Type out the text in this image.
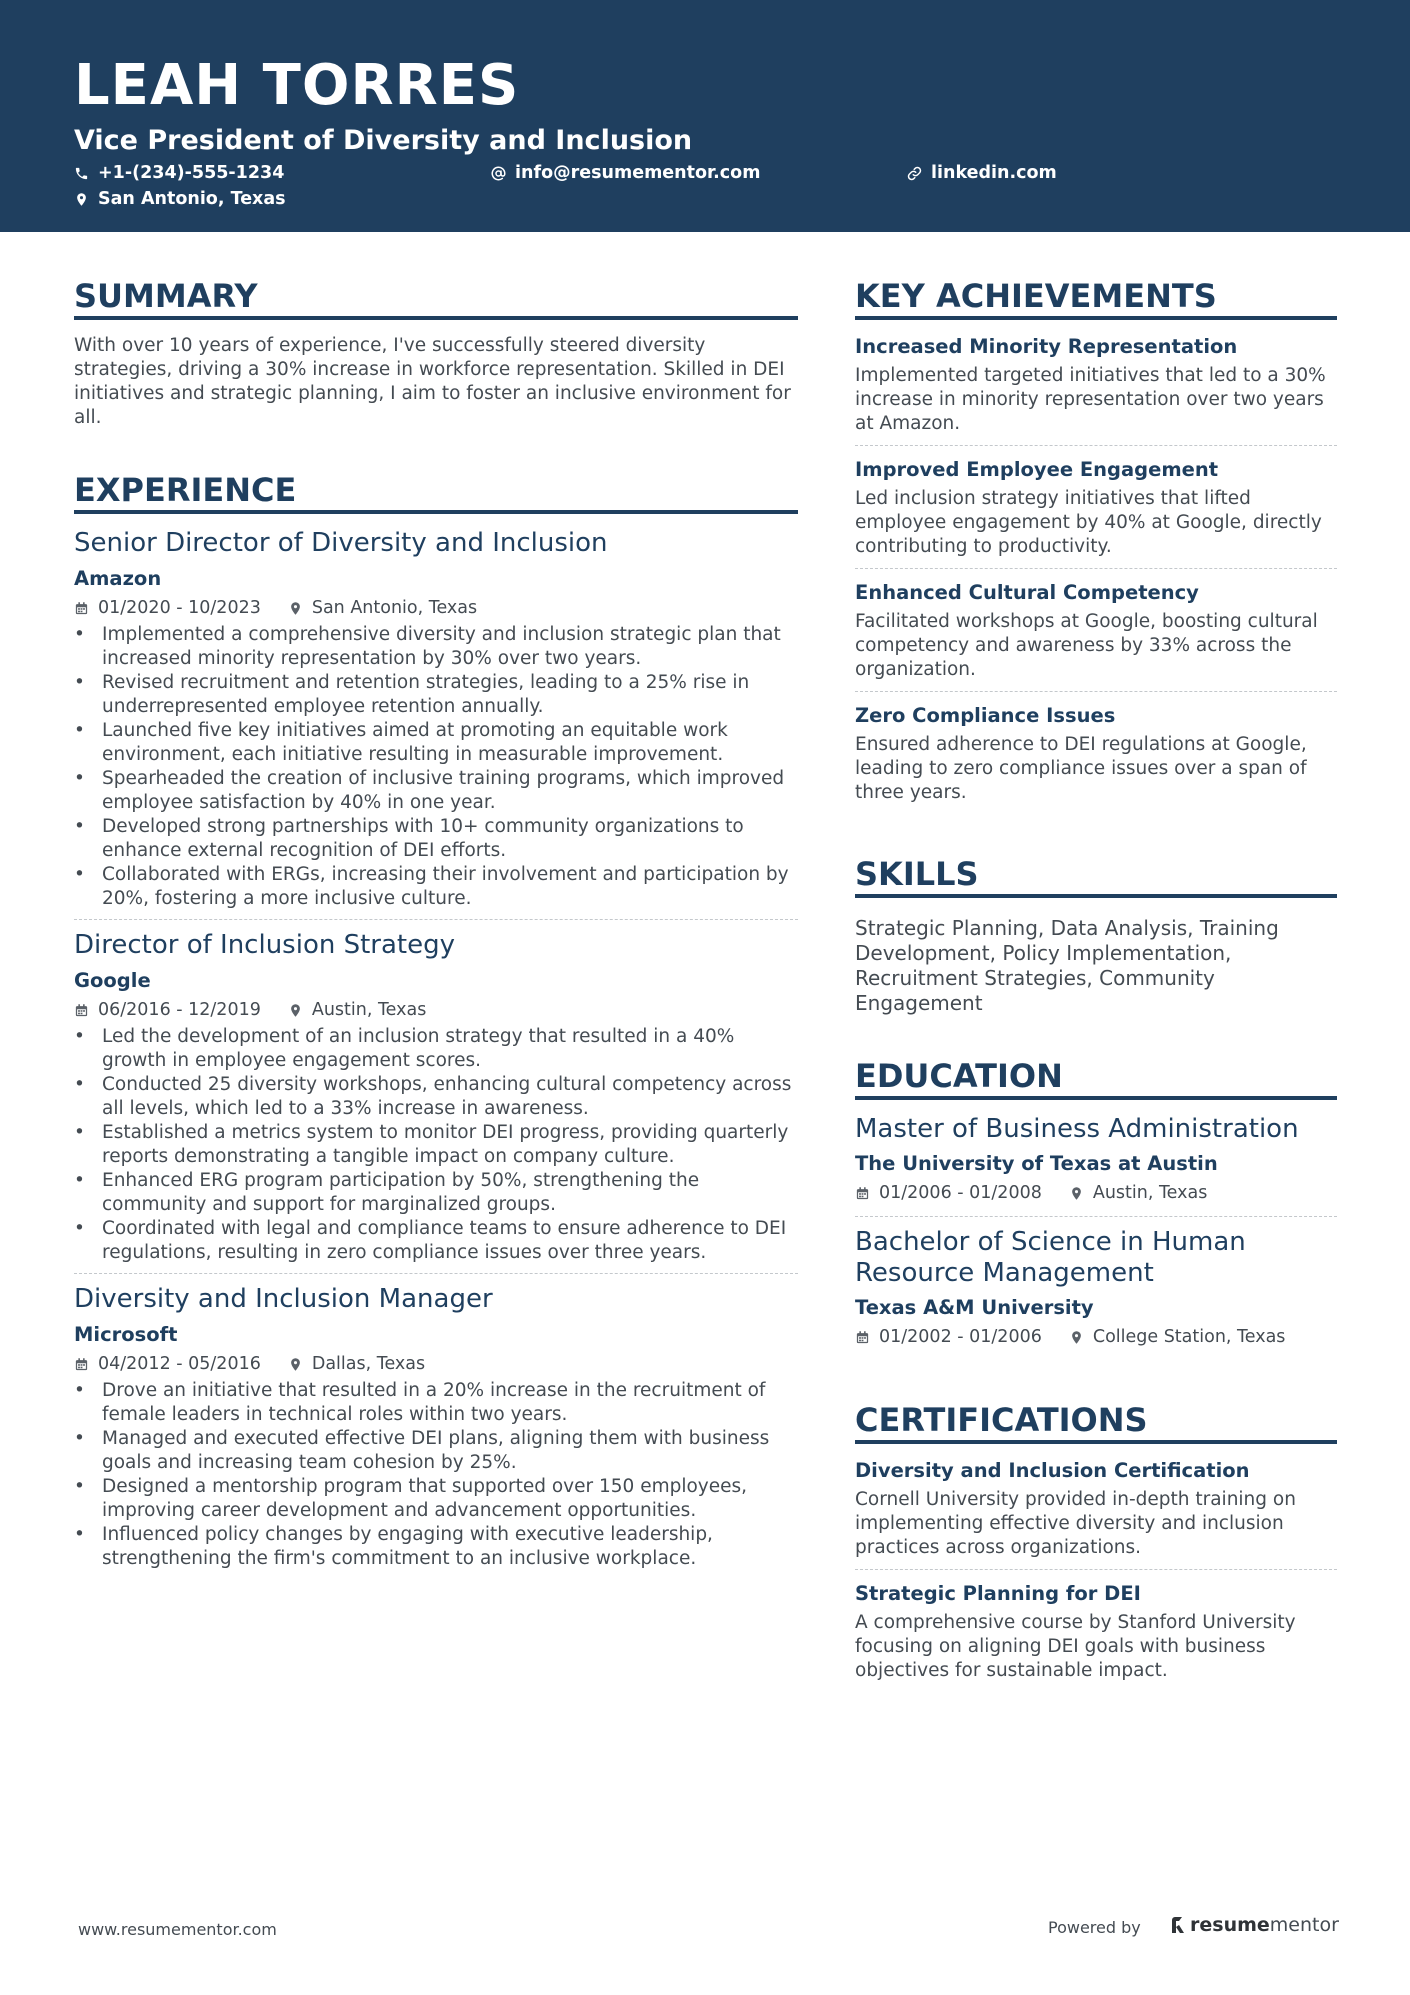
LEAH TORRES
Vice President of Diversity and Inclusion
+1-(234)-555-1234	info@resumementor.com	linkedin.com
San Antonio, Texas
SUMMARY
With over 10 years of experience, I've successfully steered diversity strategies, driving a 30% increase in workforce representation. Skilled in DEI initiatives and strategic planning, I aim to foster an inclusive environment for all.
EXPERIENCE
Senior Director of Diversity and Inclusion
Amazon
01/2020 - 10/2023	San Antonio, Texas
• Implemented a comprehensive diversity and inclusion strategic plan that increased minority representation by 30% over two years.
• Revised recruitment and retention strategies, leading to a 25% rise in underrepresented employee retention annually.
• Launched five key initiatives aimed at promoting an equitable work environment, each initiative resulting in measurable improvement.
• Spearheaded the creation of inclusive training programs, which improved employee satisfaction by 40% in one year.
• Developed strong partnerships with 10+ community organizations to enhance external recognition of DEI efforts.
• Collaborated with ERGs, increasing their involvement and participation by 20%, fostering a more inclusive culture.
Director of Inclusion Strategy
Google
06/2016 - 12/2019	Austin, Texas
• Led the development of an inclusion strategy that resulted in a 40% growth in employee engagement scores.
• Conducted 25 diversity workshops, enhancing cultural competency across all levels, which led to a 33% increase in awareness.
• Established a metrics system to monitor DEI progress, providing quarterly reports demonstrating a tangible impact on company culture.
• Enhanced ERG program participation by 50%, strengthening the community and support for marginalized groups.
• Coordinated with legal and compliance teams to ensure adherence to DEI regulations, resulting in zero compliance issues over three years.
Diversity and Inclusion Manager
Microsoft
04/2012 - 05/2016	Dallas, Texas
• Drove an initiative that resulted in a 20% increase in the recruitment of female leaders in technical roles within two years.
• Managed and executed effective DEI plans, aligning them with business goals and increasing team cohesion by 25%.
• Designed a mentorship program that supported over 150 employees, improving career development and advancement opportunities.
• Influenced policy changes by engaging with executive leadership, strengthening the firm's commitment to an inclusive workplace.
KEY ACHIEVEMENTS
Increased Minority Representation
Implemented targeted initiatives that led to a 30% increase in minority representation over two years at Amazon.
Improved Employee Engagement
Led inclusion strategy initiatives that lifted employee engagement by 40% at Google, directly contributing to productivity.
Enhanced Cultural Competency
Facilitated workshops at Google, boosting cultural competency and awareness by 33% across the organization.
Zero Compliance Issues
Ensured adherence to DEI regulations at Google, leading to zero compliance issues over a span of three years.
SKILLS
Strategic Planning, Data Analysis, Training Development, Policy Implementation, Recruitment Strategies, Community Engagement
EDUCATION
Master of Business Administration
The University of Texas at Austin
01/2006 - 01/2008	Austin, Texas
Bachelor of Science in Human Resource Management
Texas A&M University
01/2002 - 01/2006	College Station, Texas
CERTIFICATIONS
Diversity and Inclusion Certification
Cornell University provided in-depth training on implementing effective diversity and inclusion practices across organizations.
Strategic Planning for DEI
A comprehensive course by Stanford University focusing on aligning DEI goals with business objectives for sustainable impact.
www.resumementor.com	Powered by	resume mentor
